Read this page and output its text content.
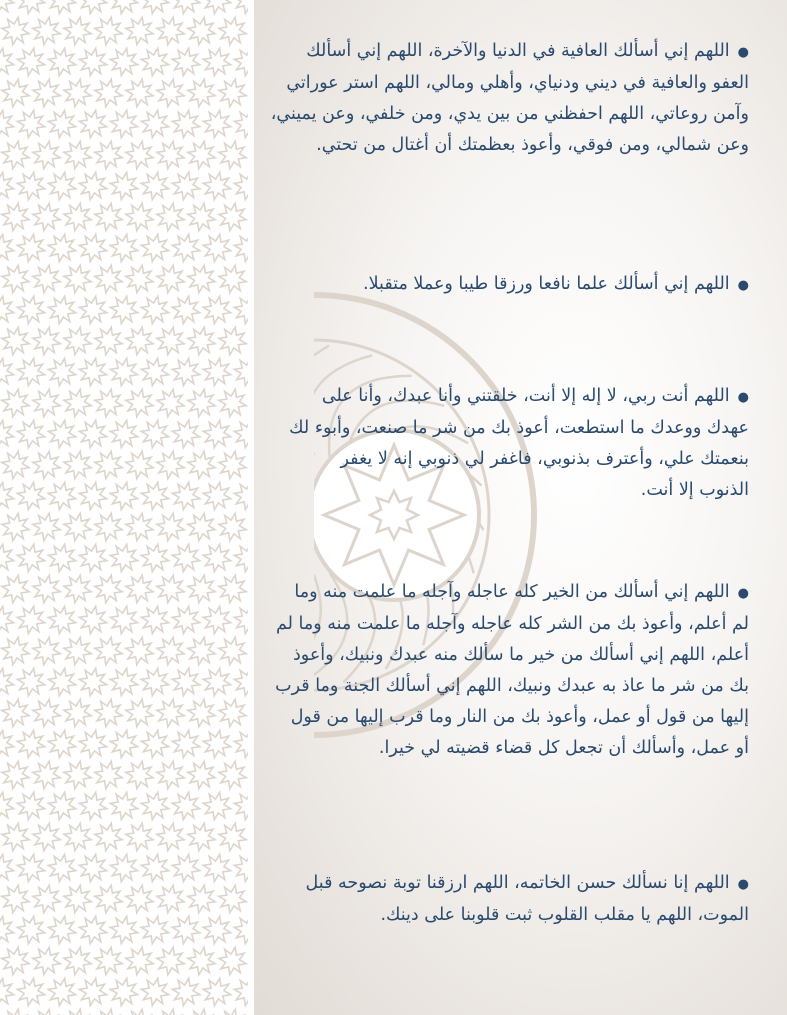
●اللهم إني أسألك العافية في الدنيا والآخرة، اللهم إني أسألك العفو والعافية في ديني ودنياي، وأهلي ومالي، اللهم استر عوراتي وآمن روعاتي، اللهم احفظني من بين يدي، ومن خلفي، وعن يميني، وعن شمالي، ومن فوقي، وأعوذ بعظمتك أن أغتال من تحتي.
●اللهم إني أسألك علما نافعا ورزقا طيبا وعملا متقبلا.
●اللهم أنت ربي، لا إله إلا أنت، خلقتني وأنا عبدك، وأنا على عهدك ووعدك ما استطعت، أعوذ بك من شر ما صنعت، وأبوء لك بنعمتك علي، وأعترف بذنوبي، فاغفر لي ذنوبي إنه لا يغفر الذنوب إلا أنت.
●اللهم إني أسألك من الخير كله عاجله وآجله ما علمت منه وما لم أعلم، وأعوذ بك من الشر كله عاجله وآجله ما علمت منه وما لم أعلم، اللهم إني أسألك من خير ما سألك منه عبدك ونبيك، وأعوذ بك من شر ما عاذ به عبدك ونبيك، اللهم إني أسألك الجنة وما قرب إليها من قول أو عمل، وأعوذ بك من النار وما قرب إليها من قول أو عمل، وأسألك أن تجعل كل قضاء قضيته لي خيرا.
●اللهم إنا نسألك حسن الخاتمه، اللهم ارزقنا توبة نصوحه قبل الموت، اللهم يا مقلب القلوب ثبت قلوبنا على دينك.
